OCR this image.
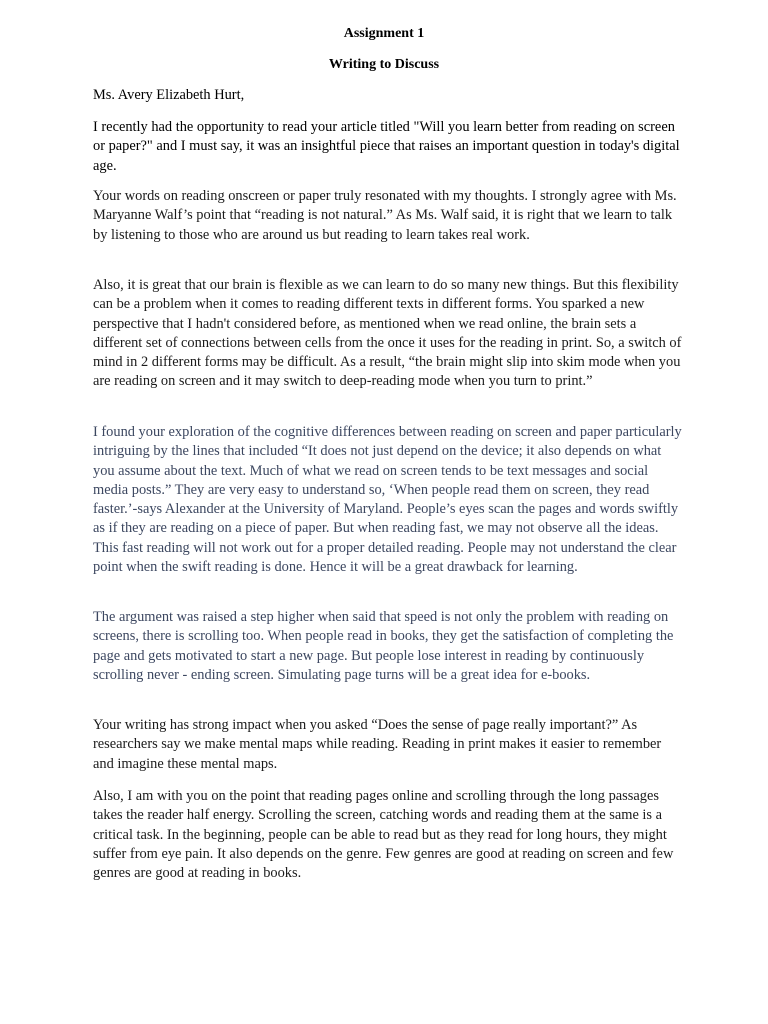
Assignment 1
Writing to Discuss

Ms. Avery Elizabeth Hurt,

I recently had the opportunity to read your article titled "Will you learn better from reading on screen or paper?" and I must say, it was an insightful piece that raises an important question in today's digital age.

Your words on reading onscreen or paper truly resonated with my thoughts. I strongly agree with Ms. Maryanne Walf’s point that “reading is not natural.” As Ms. Walf said, it is right that we learn to talk by listening to those who are around us but reading to learn takes real work.

Also, it is great that our brain is flexible as we can learn to do so many new things. But this flexibility can be a problem when it comes to reading different texts in different forms. You sparked a new perspective that I hadn't considered before, as mentioned when we read online, the brain sets a different set of connections between cells from the once it uses for the reading in print. So, a switch of mind in 2 different forms may be difficult. As a result, “the brain might slip into skim mode when you are reading on screen and it may switch to deep-reading mode when you turn to print.”

I found your exploration of the cognitive differences between reading on screen and paper particularly intriguing by the lines that included “It does not just depend on the device; it also depends on what you assume about the text. Much of what we read on screen tends to be text messages and social media posts.” They are very easy to understand so, ‘When people read them on screen, they read faster.’-says Alexander at the University of Maryland. People’s eyes scan the pages and words swiftly as if they are reading on a piece of paper. But when reading fast, we may not observe all the ideas. This fast reading will not work out for a proper detailed reading. People may not understand the clear point when the swift reading is done. Hence it will be a great drawback for learning.

The argument was raised a step higher when said that speed is not only the problem with reading on screens, there is scrolling too. When people read in books, they get the satisfaction of completing the page and gets motivated to start a new page. But people lose interest in reading by continuously scrolling never - ending screen. Simulating page turns will be a great idea for e-books.

Your writing has strong impact when you asked “Does the sense of page really important?” As researchers say we make mental maps while reading. Reading in print makes it easier to remember and imagine these mental maps.

Also, I am with you on the point that reading pages online and scrolling through the long passages takes the reader half energy. Scrolling the screen, catching words and reading them at the same is a critical task. In the beginning, people can be able to read but as they read for long hours, they might suffer from eye pain. It also depends on the genre. Few genres are good at reading on screen and few genres are good at reading in books.
